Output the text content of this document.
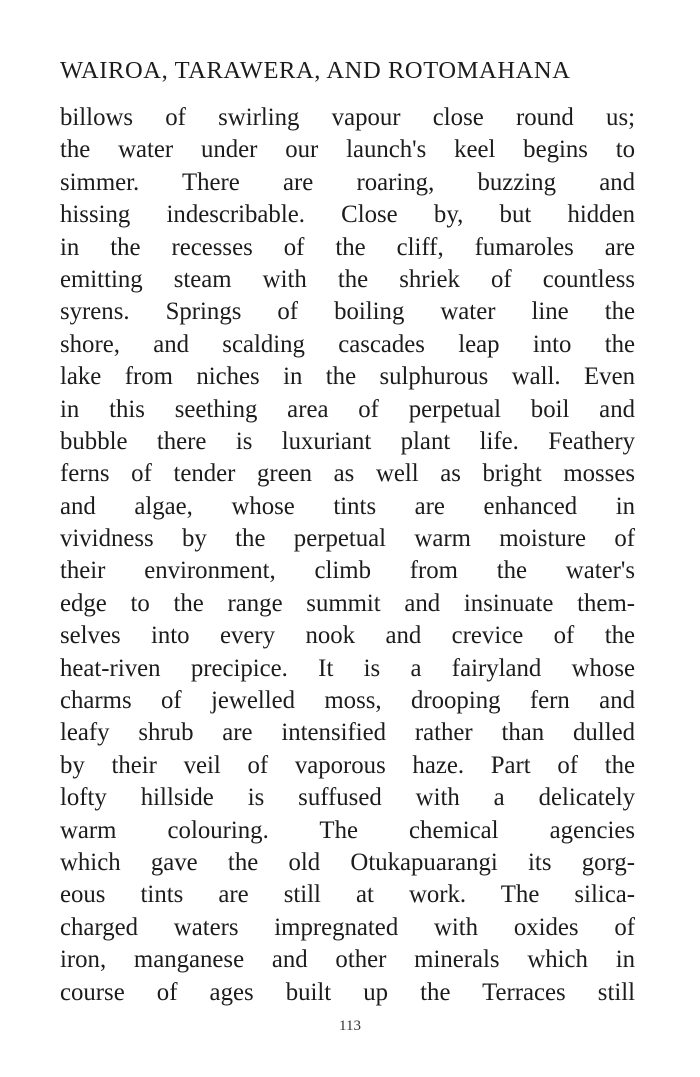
WAIROA, TARAWERA, AND ROTOMAHANA
billows of swirling vapour close round us;
the water under our launch's keel begins to
simmer. There are roaring, buzzing and
hissing indescribable. Close by, but hidden
in the recesses of the cliff, fumaroles are
emitting steam with the shriek of countless
syrens. Springs of boiling water line the
shore, and scalding cascades leap into the
lake from niches in the sulphurous wall. Even
in this seething area of perpetual boil and
bubble there is luxuriant plant life. Feathery
ferns of tender green as well as bright mosses
and algae, whose tints are enhanced in
vividness by the perpetual warm moisture of
their environment, climb from the water's
edge to the range summit and insinuate them-
selves into every nook and crevice of the
heat-riven precipice. It is a fairyland whose
charms of jewelled moss, drooping fern and
leafy shrub are intensified rather than dulled
by their veil of vaporous haze. Part of the
lofty hillside is suffused with a delicately
warm colouring. The chemical agencies
which gave the old Otukapuarangi its gorg-
eous tints are still at work. The silica-
charged waters impregnated with oxides of
iron, manganese and other minerals which in
course of ages built up the Terraces still
113
